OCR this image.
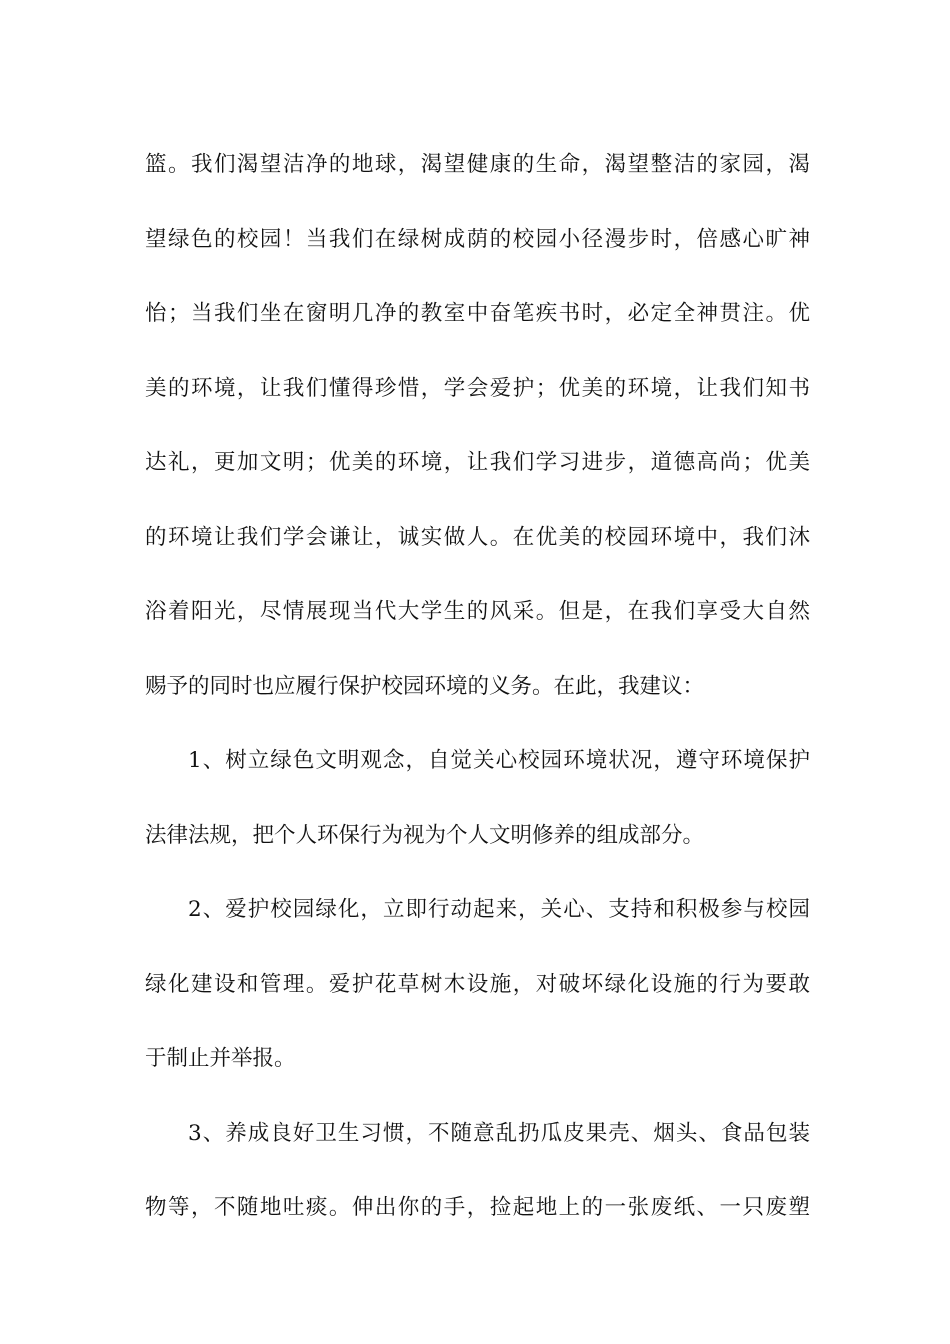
篮。我们渴望洁净的地球，渴望健康的生命，渴望整洁的家园，渴
望绿色的校园！当我们在绿树成荫的校园小径漫步时，倍感心旷神
怡；当我们坐在窗明几净的教室中奋笔疾书时，必定全神贯注。优
美的环境，让我们懂得珍惜，学会爱护；优美的环境，让我们知书
达礼，更加文明；优美的环境，让我们学习进步，道德高尚；优美
的环境让我们学会谦让，诚实做人。在优美的校园环境中，我们沐
浴着阳光，尽情展现当代大学生的风采。但是，在我们享受大自然
赐予的同时也应履行保护校园环境的义务。在此，我建议：
1、树立绿色文明观念，自觉关心校园环境状况，遵守环境保护
法律法规，把个人环保行为视为个人文明修养的组成部分。
2、爱护校园绿化，立即行动起来，关心、支持和积极参与校园
绿化建设和管理。爱护花草树木设施，对破坏绿化设施的行为要敢
于制止并举报。
3、养成良好卫生习惯，不随意乱扔瓜皮果壳、烟头、食品包装
物等，不随地吐痰。伸出你的手，捡起地上的一张废纸、一只废塑
